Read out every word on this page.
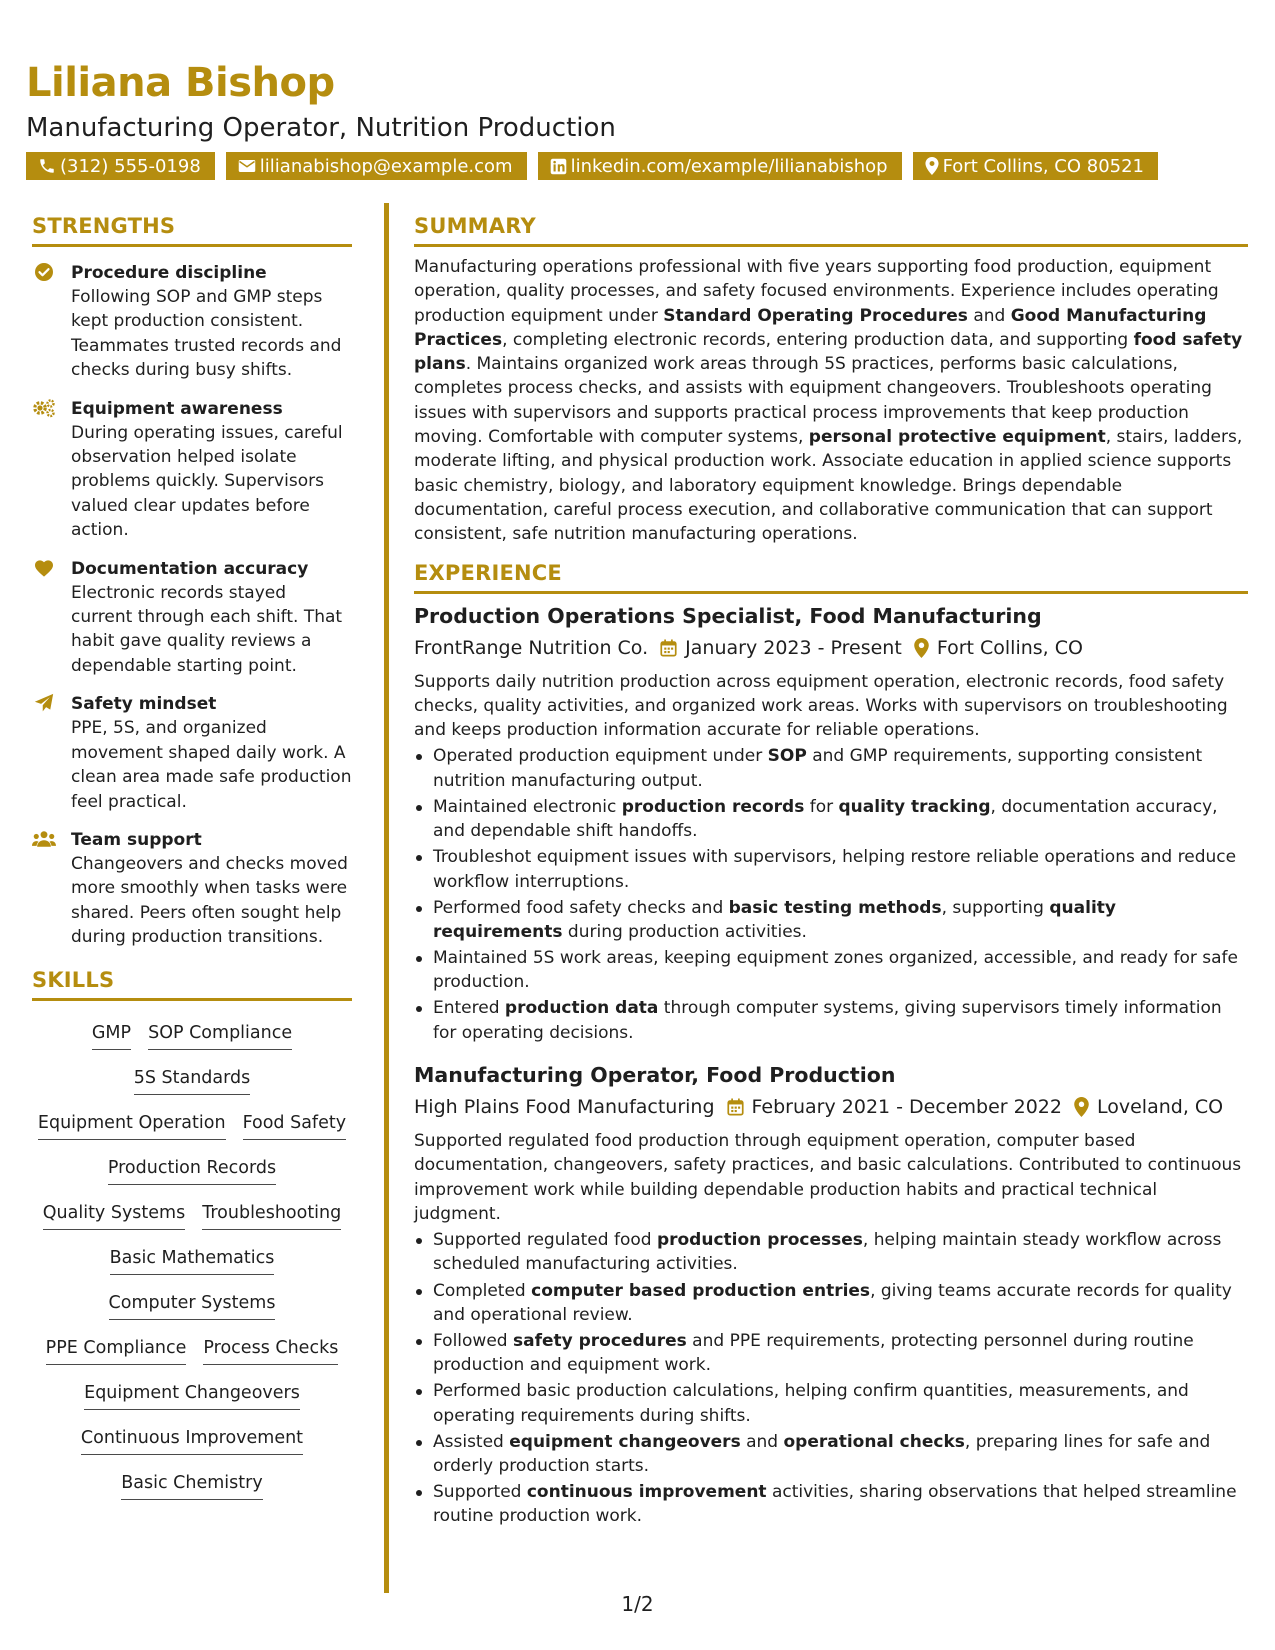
Liliana Bishop
Manufacturing Operator, Nutrition Production
(312) 555-0198	lilianabishop@example.com	linkedin.com/example/lilianabishop	Fort Collins, CO 80521
STRENGTHS
Procedure discipline
Following SOP and GMP steps kept production consistent. Teammates trusted records and checks during busy shifts.
Equipment awareness
During operating issues, careful observation helped isolate problems quickly. Supervisors valued clear updates before action.
Documentation accuracy
Electronic records stayed current through each shift. That habit gave quality reviews a dependable starting point.
Safety mindset
PPE, 5S, and organized movement shaped daily work. A clean area made safe production feel practical.
Team support
Changeovers and checks moved more smoothly when tasks were shared. Peers often sought help during production transitions.
SKILLS
GMP SOP Compliance
5S Standards
Equipment Operation Food Safety
Production Records
Quality Systems Troubleshooting
Basic Mathematics
Computer Systems
PPE Compliance Process Checks
Equipment Changeovers
Continuous Improvement
Basic Chemistry
SUMMARY
Manufacturing operations professional with five years supporting food production, equipment operation, quality processes, and safety focused environments. Experience includes operating production equipment under Standard Operating Procedures and Good Manufacturing Practices, completing electronic records, entering production data, and supporting food safety plans. Maintains organized work areas through 5S practices, performs basic calculations, completes process checks, and assists with equipment changeovers. Troubleshoots operating issues with supervisors and supports practical process improvements that keep production moving. Comfortable with computer systems, personal protective equipment, stairs, ladders, moderate lifting, and physical production work. Associate education in applied science supports basic chemistry, biology, and laboratory equipment knowledge. Brings dependable documentation, careful process execution, and collaborative communication that can support consistent, safe nutrition manufacturing operations.
EXPERIENCE
Production Operations Specialist, Food Manufacturing
FrontRange Nutrition Co. January 2023 - Present Fort Collins, CO
Supports daily nutrition production across equipment operation, electronic records, food safety checks, quality activities, and organized work areas. Works with supervisors on troubleshooting and keeps production information accurate for reliable operations.
Operated production equipment under SOP and GMP requirements, supporting consistent nutrition manufacturing output.
Maintained electronic production records for quality tracking, documentation accuracy, and dependable shift handoffs.
Troubleshot equipment issues with supervisors, helping restore reliable operations and reduce workflow interruptions.
Performed food safety checks and basic testing methods, supporting quality requirements during production activities.
Maintained 5S work areas, keeping equipment zones organized, accessible, and ready for safe production.
Entered production data through computer systems, giving supervisors timely information for operating decisions.
Manufacturing Operator, Food Production
High Plains Food Manufacturing February 2021 - December 2022 Loveland, CO
Supported regulated food production through equipment operation, computer based documentation, changeovers, safety practices, and basic calculations. Contributed to continuous improvement work while building dependable production habits and practical technical judgment.
Supported regulated food production processes, helping maintain steady workflow across scheduled manufacturing activities.
Completed computer based production entries, giving teams accurate records for quality and operational review.
Followed safety procedures and PPE requirements, protecting personnel during routine production and equipment work.
Performed basic production calculations, helping confirm quantities, measurements, and operating requirements during shifts.
Assisted equipment changeovers and operational checks, preparing lines for safe and orderly production starts.
Supported continuous improvement activities, sharing observations that helped streamline routine production work.
1/2
